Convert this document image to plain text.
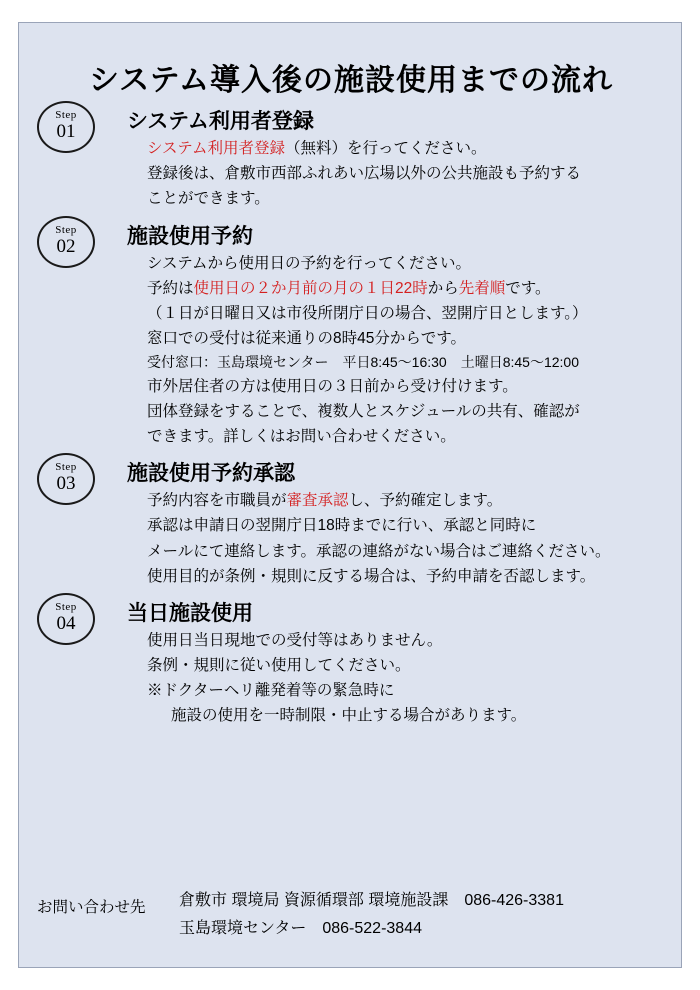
システム導入後の施設使用までの流れ
Step
01	システム利用者登録
システム利用者登録（無料）を行ってください。
登録後は、倉敷市西部ふれあい広場以外の公共施設も予約する
ことができます。
Step
02	施設使用予約
システムから使用日の予約を行ってください。
予約は使用日の２か月前の月の１日22時から先着順です。
（１日が日曜日又は市役所閉庁日の場合、翌開庁日とします。）
窓口での受付は従来通りの8時45分からです。
受付窓口：玉島環境センター　平日8:45～16:30　土曜日8:45～12:00
市外居住者の方は使用日の３日前から受け付けます。
団体登録をすることで、複数人とスケジュールの共有、確認が
できます。詳しくはお問い合わせください。
Step
03	施設使用予約承認
予約内容を市職員が審査承認し、予約確定します。
承認は申請日の翌開庁日18時までに行い、承認と同時に
メールにて連絡します。承認の連絡がない場合はご連絡ください。
使用目的が条例・規則に反する場合は、予約申請を否認します。
Step
04	当日施設使用
使用日当日現地での受付等はありません。
条例・規則に従い使用してください。
※ドクターヘリ離発着等の緊急時に
施設の使用を一時制限・中止する場合があります。
お問い合わせ先 倉敷市 環境局 資源循環部 環境施設課　086-426-3381
玉島環境センター　086-522-3844
